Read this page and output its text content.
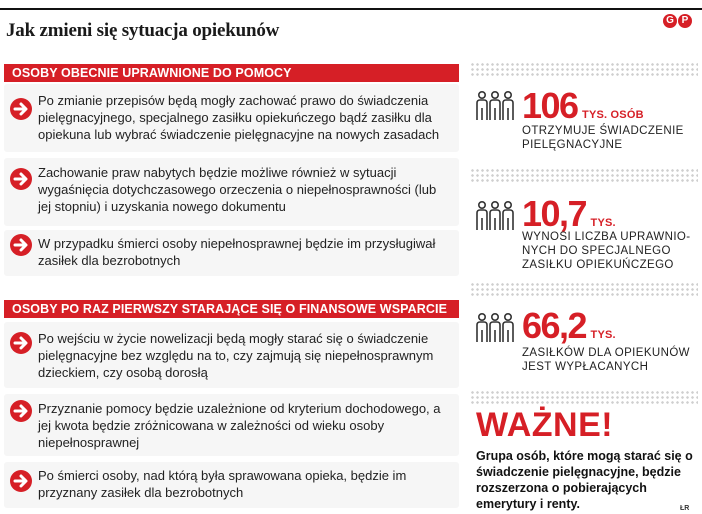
Jak zmieni się sytuacja opiekunów	G P
OSOBY OBECNIE UPRAWNIONE DO POMOCY
Po zmianie przepisów będą mogły zachować prawo do świadczenia pielęgnacyjnego, specjalnego zasiłku opiekuńczego bądź zasiłku dla opiekuna lub wybrać świadczenie pielęgnacyjne na nowych zasadach
Zachowanie praw nabytych będzie możliwe również w sytuacji wygaśnięcia dotychczasowego orzeczenia o niepełnosprawności (lub jej stopniu) i uzyskania nowego dokumentu
W przypadku śmierci osoby niepełnosprawnej będzie im przysługiwał zasiłek dla bezrobotnych
OSOBY PO RAZ PIERWSZY STARAJĄCE SIĘ O FINANSOWE WSPARCIE
Po wejściu w życie nowelizacji będą mogły starać się o świadczenie pielęgnacyjne bez względu na to, czy zajmują się niepełnosprawnym dzieckiem, czy osobą dorosłą
Przyznanie pomocy będzie uzależnione od kryterium dochodowego, a jej kwota będzie zróżnicowana w zależności od wieku osoby niepełnosprawnej
Po śmierci osoby, nad którą była sprawowana opieka, będzie im przyznany zasiłek dla bezrobotnych
106 TYS. OSÓB
OTRZYMUJE ŚWIADCZENIE
PIELĘGNACYJNE
10,7 TYS.
WYNOSI LICZBA UPRAWNIO-
NYCH DO SPECJALNEGO
ZASIŁKU OPIEKUŃCZEGO
66,2 TYS.
ZASIŁKÓW DLA OPIEKUNÓW
JEST WYPŁACANYCH
WAŻNE!
Grupa osób, które mogą starać się o świadczenie pielęgnacyjne, będzie rozszerzona o pobierających emerytury i renty.	ŁR
